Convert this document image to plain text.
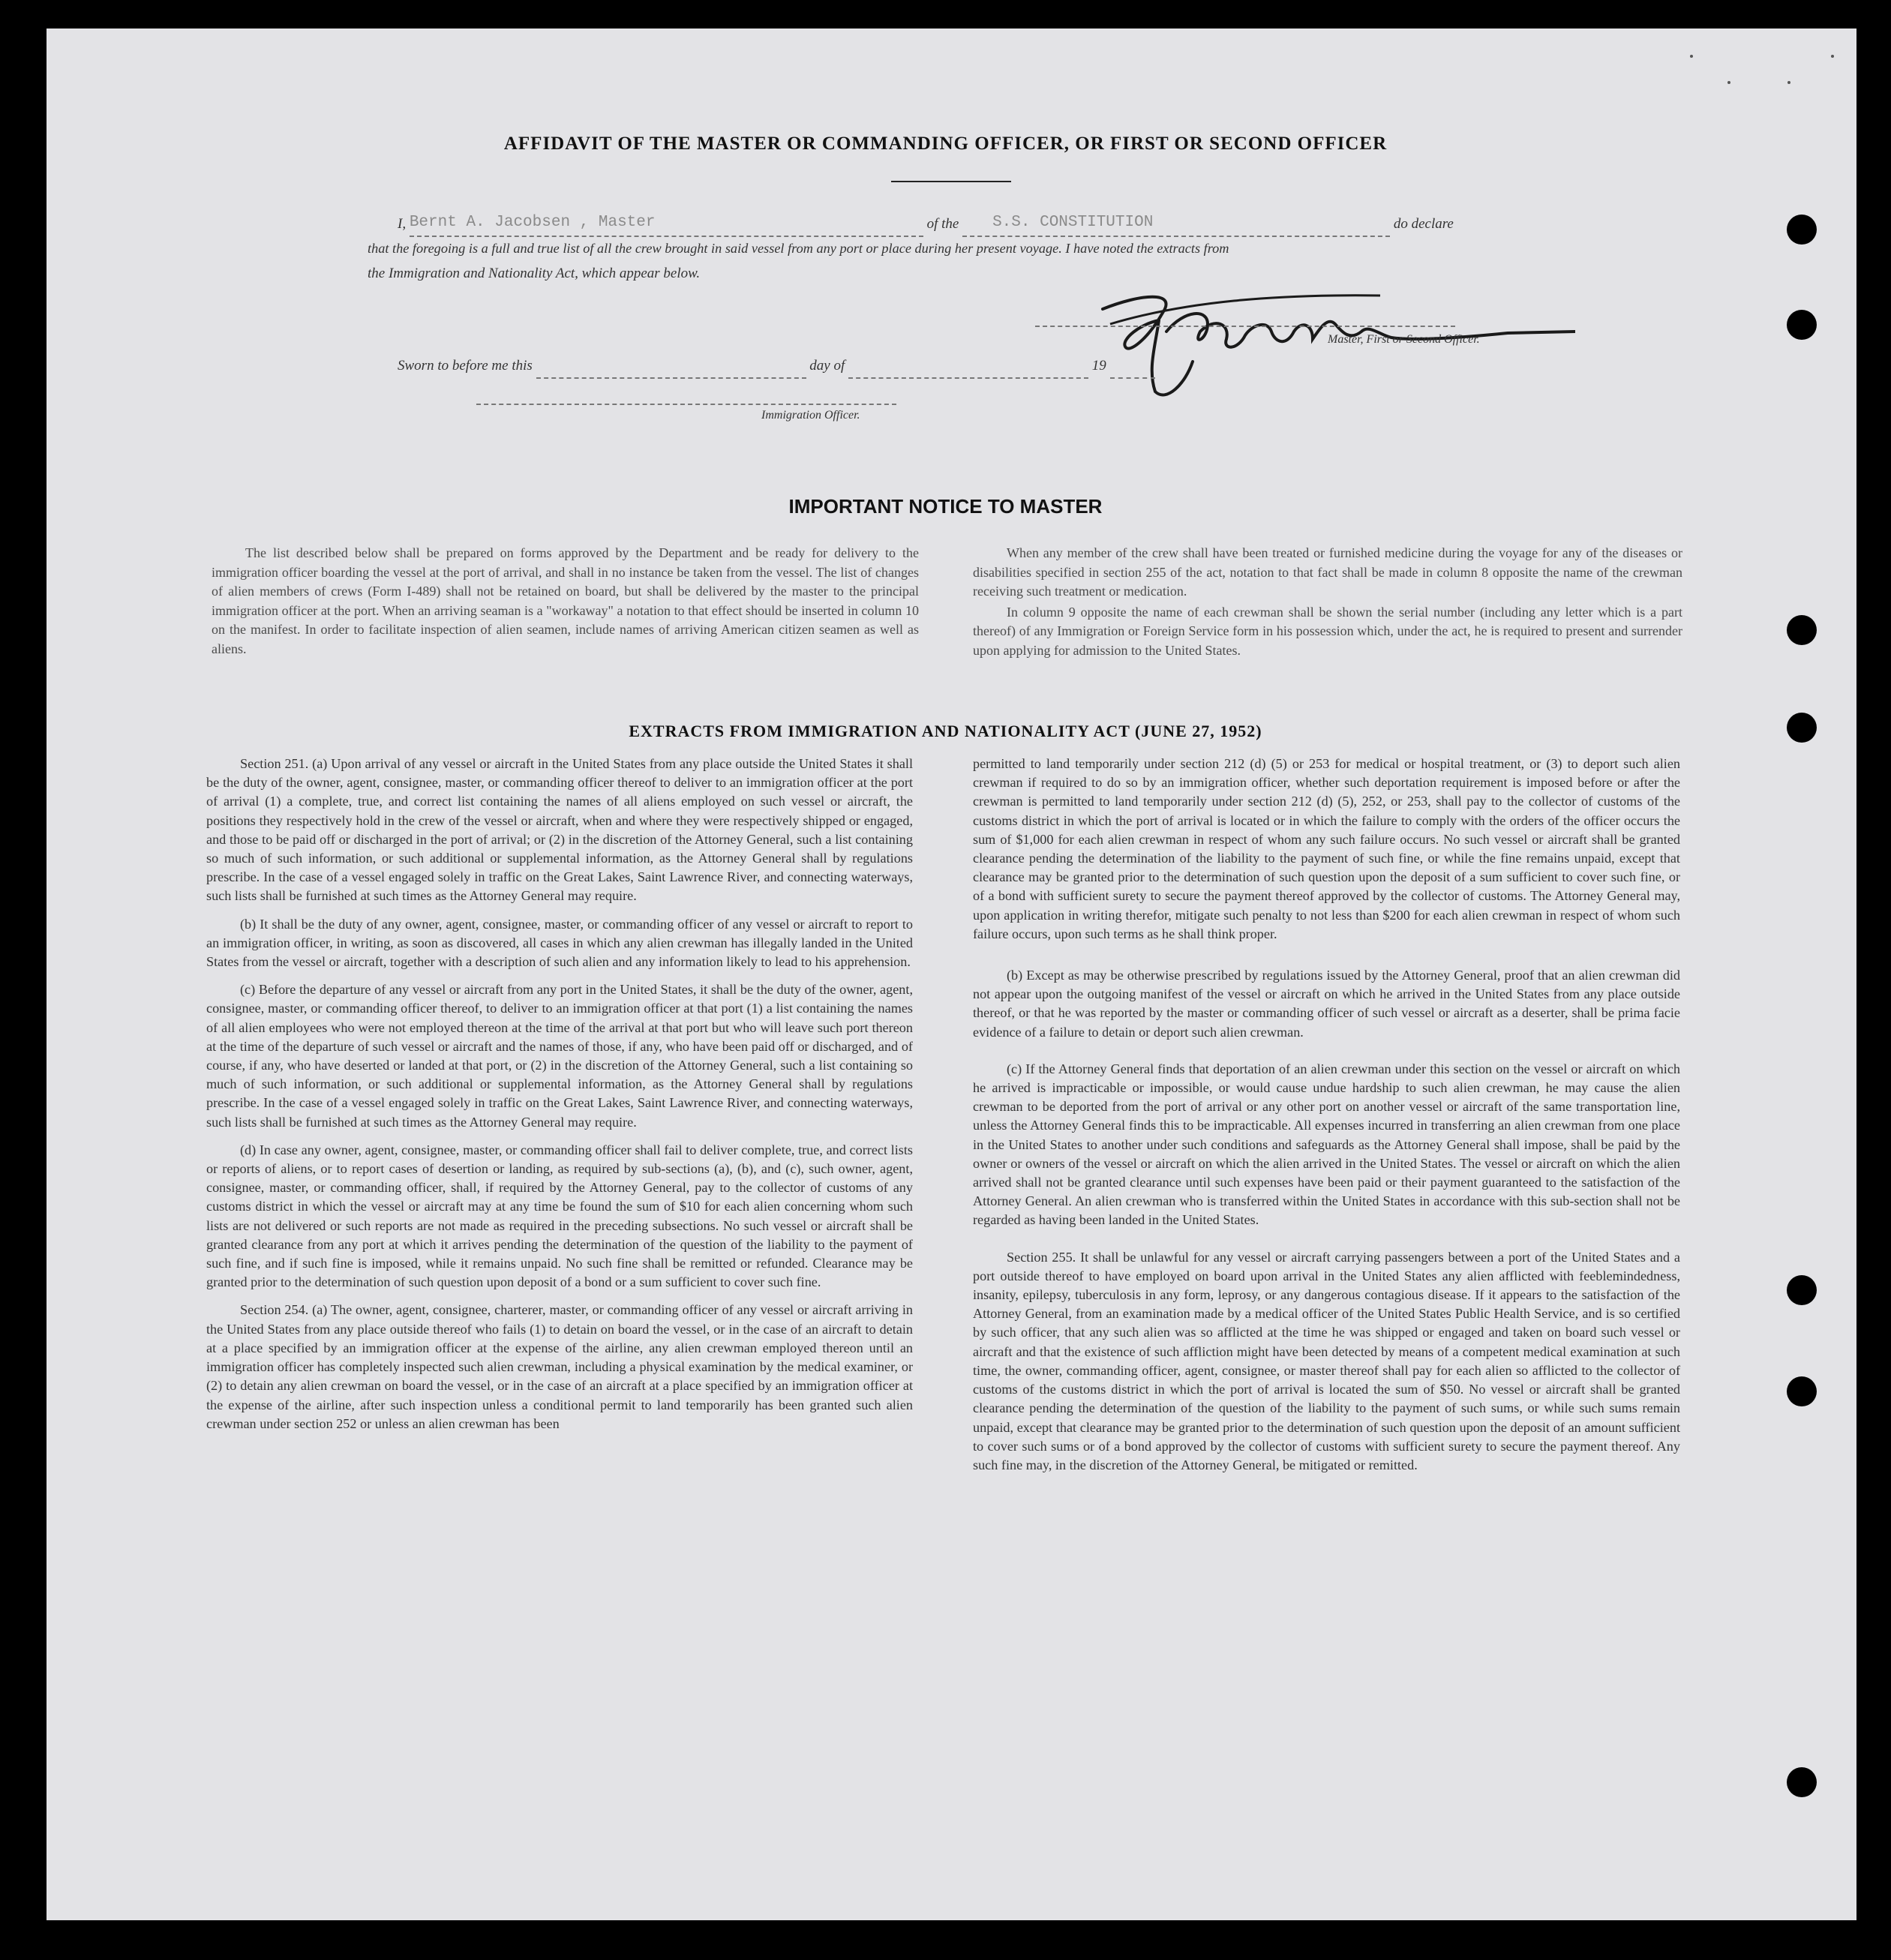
AFFIDAVIT OF THE MASTER OR COMMANDING OFFICER, OR FIRST OR SECOND OFFICER
I, Bernt A. Jacobsen , Master	of the S.S. CONSTITUTION	do declare
that the foregoing is a full and true list of all the crew brought in said vessel from any port or place during her present voyage. I have noted the extracts from
the Immigration and Nationality Act, which appear below.
Master, First or Second Officer.
Sworn to before me this	day of	19
Immigration Officer.
IMPORTANT NOTICE TO MASTER

The list described below shall be prepared on forms approved by the Department and be ready for delivery to the immigration officer boarding the vessel at the port of arrival, and shall in no instance be taken from the vessel. The list of changes of alien members of crews (Form I-489) shall not be retained on board, but shall be delivered by the master to the principal immigration officer at the port. When an arriving seaman is a "workaway" a notation to that effect should be inserted in column 10 on the manifest. In order to facilitate inspection of alien seamen, include names of arriving American citizen seamen as well as aliens.

When any member of the crew shall have been treated or furnished medicine during the voyage for any of the diseases or disabilities specified in section 255 of the act, notation to that fact shall be made in column 8 opposite the name of the crewman receiving such treatment or medication.

In column 9 opposite the name of each crewman shall be shown the serial number (including any letter which is a part thereof) of any Immigration or Foreign Service form in his possession which, under the act, he is required to present and surrender upon applying for admission to the United States.

EXTRACTS FROM IMMIGRATION AND NATIONALITY ACT (JUNE 27, 1952)

Section 251. (a) Upon arrival of any vessel or aircraft in the United States from any place outside the United States it shall be the duty of the owner, agent, consignee, master, or commanding officer thereof to deliver to an immigration officer at the port of arrival (1) a complete, true, and correct list containing the names of all aliens employed on such vessel or aircraft, the positions they respectively hold in the crew of the vessel or aircraft, when and where they were respectively shipped or engaged, and those to be paid off or discharged in the port of arrival; or (2) in the discretion of the Attorney General, such a list containing so much of such information, or such additional or supplemental information, as the Attorney General shall by regulations prescribe. In the case of a vessel engaged solely in traffic on the Great Lakes, Saint Lawrence River, and connecting waterways, such lists shall be furnished at such times as the Attorney General may require.

(b) It shall be the duty of any owner, agent, consignee, master, or commanding officer of any vessel or aircraft to report to an immigration officer, in writing, as soon as discovered, all cases in which any alien crewman has illegally landed in the United States from the vessel or aircraft, together with a description of such alien and any information likely to lead to his apprehension.

(c) Before the departure of any vessel or aircraft from any port in the United States, it shall be the duty of the owner, agent, consignee, master, or commanding officer thereof, to deliver to an immigration officer at that port (1) a list containing the names of all alien employees who were not employed thereon at the time of the arrival at that port but who will leave such port thereon at the time of the departure of such vessel or aircraft and the names of those, if any, who have been paid off or discharged, and of course, if any, who have deserted or landed at that port, or (2) in the discretion of the Attorney General, such a list containing so much of such information, or such additional or supplemental information, as the Attorney General shall by regulations prescribe. In the case of a vessel engaged solely in traffic on the Great Lakes, Saint Lawrence River, and connecting waterways, such lists shall be furnished at such times as the Attorney General may require.

(d) In case any owner, agent, consignee, master, or commanding officer shall fail to deliver complete, true, and correct lists or reports of aliens, or to report cases of desertion or landing, as required by sub-sections (a), (b), and (c), such owner, agent, consignee, master, or commanding officer, shall, if required by the Attorney General, pay to the collector of customs of any customs district in which the vessel or aircraft may at any time be found the sum of $10 for each alien concerning whom such lists are not delivered or such reports are not made as required in the preceding subsections. No such vessel or aircraft shall be granted clearance from any port at which it arrives pending the determination of the question of the liability to the payment of such fine, and if such fine is imposed, while it remains unpaid. No such fine shall be remitted or refunded. Clearance may be granted prior to the determination of such question upon deposit of a bond or a sum sufficient to cover such fine.

Section 254. (a) The owner, agent, consignee, charterer, master, or commanding officer of any vessel or aircraft arriving in the United States from any place outside thereof who fails (1) to detain on board the vessel, or in the case of an aircraft to detain at a place specified by an immigration officer at the expense of the airline, any alien crewman employed thereon until an immigration officer has completely inspected such alien crewman, including a physical examination by the medical examiner, or (2) to detain any alien crewman on board the vessel, or in the case of an aircraft at a place specified by an immigration officer at the expense of the airline, after such inspection unless a conditional permit to land temporarily has been granted such alien crewman under section 252 or unless an alien crewman has been

permitted to land temporarily under section 212 (d) (5) or 253 for medical or hospital treatment, or (3) to deport such alien crewman if required to do so by an immigration officer, whether such deportation requirement is imposed before or after the crewman is permitted to land temporarily under section 212 (d) (5), 252, or 253, shall pay to the collector of customs of the customs district in which the port of arrival is located or in which the failure to comply with the orders of the officer occurs the sum of $1,000 for each alien crewman in respect of whom any such failure occurs. No such vessel or aircraft shall be granted clearance pending the determination of the liability to the payment of such fine, or while the fine remains unpaid, except that clearance may be granted prior to the determination of such question upon the deposit of a sum sufficient to cover such fine, or of a bond with sufficient surety to secure the payment thereof approved by the collector of customs. The Attorney General may, upon application in writing therefor, mitigate such penalty to not less than $200 for each alien crewman in respect of whom such failure occurs, upon such terms as he shall think proper.

(b) Except as may be otherwise prescribed by regulations issued by the Attorney General, proof that an alien crewman did not appear upon the outgoing manifest of the vessel or aircraft on which he arrived in the United States from any place outside thereof, or that he was reported by the master or commanding officer of such vessel or aircraft as a deserter, shall be prima facie evidence of a failure to detain or deport such alien crewman.

(c) If the Attorney General finds that deportation of an alien crewman under this section on the vessel or aircraft on which he arrived is impracticable or impossible, or would cause undue hardship to such alien crewman, he may cause the alien crewman to be deported from the port of arrival or any other port on another vessel or aircraft of the same transportation line, unless the Attorney General finds this to be impracticable. All expenses incurred in transferring an alien crewman from one place in the United States to another under such conditions and safeguards as the Attorney General shall impose, shall be paid by the owner or owners of the vessel or aircraft on which the alien arrived in the United States. The vessel or aircraft on which the alien arrived shall not be granted clearance until such expenses have been paid or their payment guaranteed to the satisfaction of the Attorney General. An alien crewman who is transferred within the United States in accordance with this sub-section shall not be regarded as having been landed in the United States.

Section 255. It shall be unlawful for any vessel or aircraft carrying passengers between a port of the United States and a port outside thereof to have employed on board upon arrival in the United States any alien afflicted with feeblemindedness, insanity, epilepsy, tuberculosis in any form, leprosy, or any dangerous contagious disease. If it appears to the satisfaction of the Attorney General, from an examination made by a medical officer of the United States Public Health Service, and is so certified by such officer, that any such alien was so afflicted at the time he was shipped or engaged and taken on board such vessel or aircraft and that the existence of such affliction might have been detected by means of a competent medical examination at such time, the owner, commanding officer, agent, consignee, or master thereof shall pay for each alien so afflicted to the collector of customs of the customs district in which the port of arrival is located the sum of $50. No vessel or aircraft shall be granted clearance pending the determination of the question of the liability to the payment of such sums, or while such sums remain unpaid, except that clearance may be granted prior to the determination of such question upon the deposit of an amount sufficient to cover such sums or of a bond approved by the collector of customs with sufficient surety to secure the payment thereof. Any such fine may, in the discretion of the Attorney General, be mitigated or remitted.
